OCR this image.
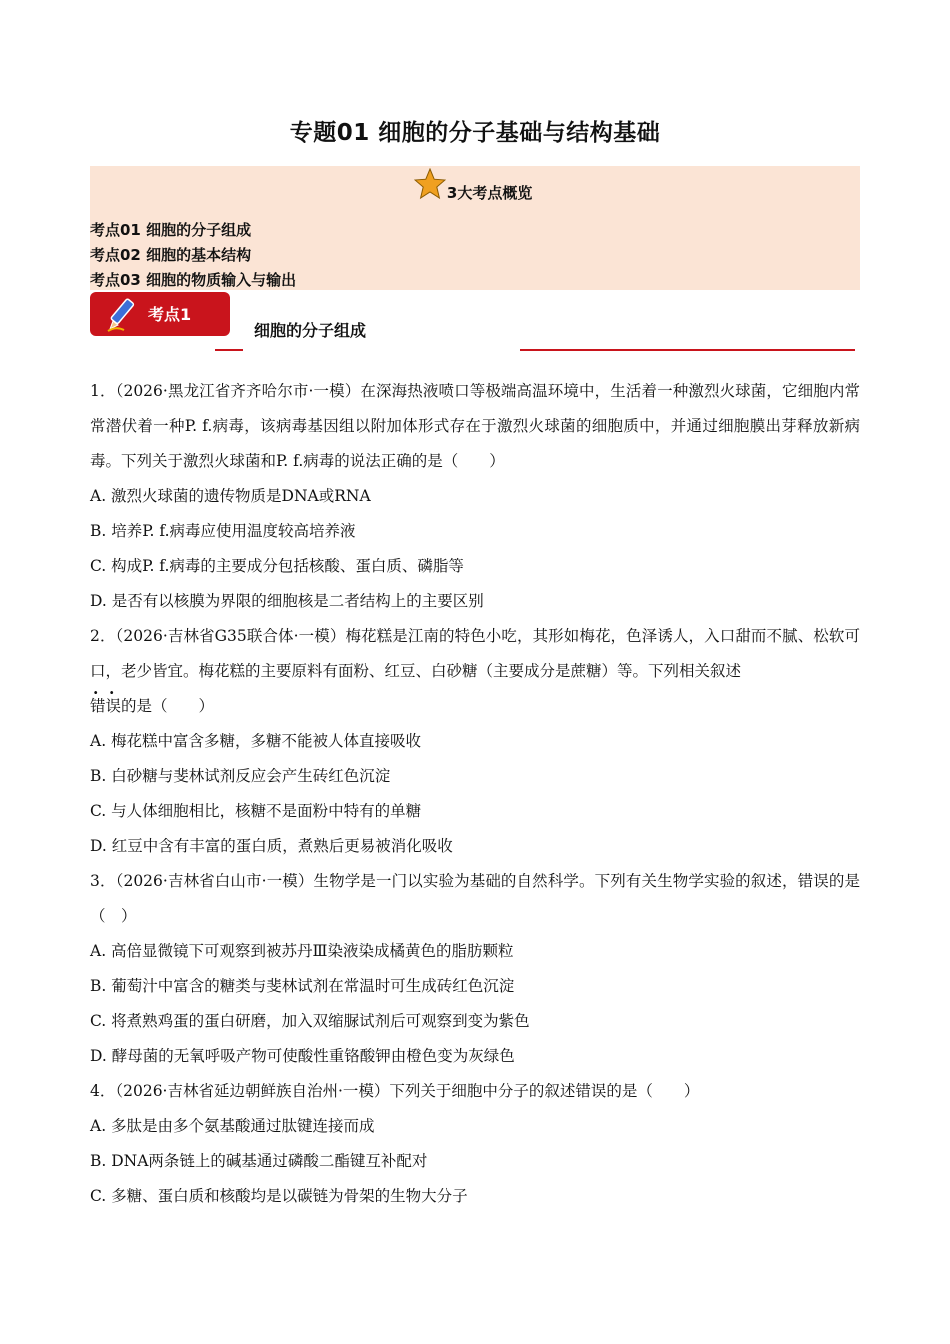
专题01 细胞的分子基础与结构基础
3大考点概览
考点01 细胞的分子组成
考点02 细胞的基本结构
考点03 细胞的物质输入与输出
考点1
细胞的分子组成

1．（2026·黑龙江省齐齐哈尔市·一模）在深海热液喷口等极端高温环境中，生活着一种激烈火球菌，它细胞内常常潜伏着一种P. f.病毒，该病毒基因组以附加体形式存在于激烈火球菌的细胞质中，并通过细胞膜出芽释放新病毒。下列关于激烈火球菌和P. f.病毒的说法正确的是（　　）

A. 激烈火球菌的遗传物质是DNA或RNA

B. 培养P. f.病毒应使用温度较高培养液

C. 构成P. f.病毒的主要成分包括核酸、蛋白质、磷脂等

D. 是否有以核膜为界限的细胞核是二者结构上的主要区别

2．（2026·吉林省G35联合体·一模）梅花糕是江南的特色小吃，其形如梅花，色泽诱人，入口甜而不腻、松软可口，老少皆宜。梅花糕的主要原料有面粉、红豆、白砂糖（主要成分是蔗糖）等。下列相关叙述

. .
错误的是（　　）

A. 梅花糕中富含多糖，多糖不能被人体直接吸收

B. 白砂糖与斐林试剂反应会产生砖红色沉淀

C. 与人体细胞相比，核糖不是面粉中特有的单糖

D. 红豆中含有丰富的蛋白质，煮熟后更易被消化吸收

3．（2026·吉林省白山市·一模）生物学是一门以实验为基础的自然科学。下列有关生物学实验的叙述，错误的是（　）

A. 高倍显微镜下可观察到被苏丹Ⅲ染液染成橘黄色的脂肪颗粒

B. 葡萄汁中富含的糖类与斐林试剂在常温时可生成砖红色沉淀

C. 将煮熟鸡蛋的蛋白研磨，加入双缩脲试剂后可观察到变为紫色

D. 酵母菌的无氧呼吸产物可使酸性重铬酸钾由橙色变为灰绿色

4．（2026·吉林省延边朝鲜族自治州·一模）下列关于细胞中分子的叙述错误的是（　　）

A. 多肽是由多个氨基酸通过肽键连接而成

B. DNA两条链上的碱基通过磷酸二酯键互补配对

C. 多糖、蛋白质和核酸均是以碳链为骨架的生物大分子
